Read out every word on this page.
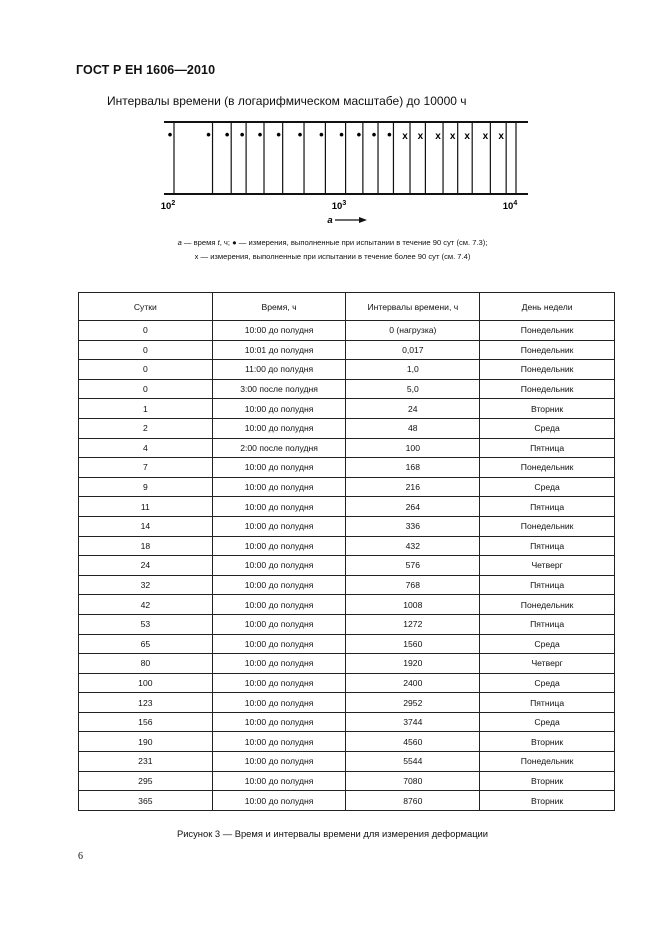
ГОСТ Р ЕН 1606—2010
Интервалы времени (в логарифмическом масштабе) до 10000 ч
•	• • • • • • • • • • • x x x x x x x
$10^2$	$10^3$	$10^4$
a
a — время t, ч; ● — измерения, выполненные при испытании в течение 90 сут (см. 7.3);
x — измерения, выполненные при испытании в течение более 90 сут (см. 7.4)
Сутки	Время, ч	Интервалы времени, ч	День недели
0	10:00 до полудня	0 (нагрузка)	Понедельник
0	10:01 до полудня	0,017	Понедельник
0	11:00 до полудня	1,0	Понедельник
0	3:00 после полудня	5,0	Понедельник
1	10:00 до полудня	24	Вторник
2	10:00 до полудня	48	Среда
4	2:00 после полудня	100	Пятница
7	10:00 до полудня	168	Понедельник
9	10:00 до полудня	216	Среда
11	10:00 до полудня	264	Пятница
14	10:00 до полудня	336	Понедельник
18	10:00 до полудня	432	Пятница
24	10:00 до полудня	576	Четверг
32	10:00 до полудня	768	Пятница
42	10:00 до полудня	1008	Понедельник
53	10:00 до полудня	1272	Пятница
65	10:00 до полудня	1560	Среда
80	10:00 до полудня	1920	Четверг
100	10:00 до полудня	2400	Среда
123	10:00 до полудня	2952	Пятница
156	10:00 до полудня	3744	Среда
190	10:00 до полудня	4560	Вторник
231	10:00 до полудня	5544	Понедельник
295	10:00 до полудня	7080	Вторник
365	10:00 до полудня	8760	Вторник
Рисунок 3 — Время и интервалы времени для измерения деформации
6
